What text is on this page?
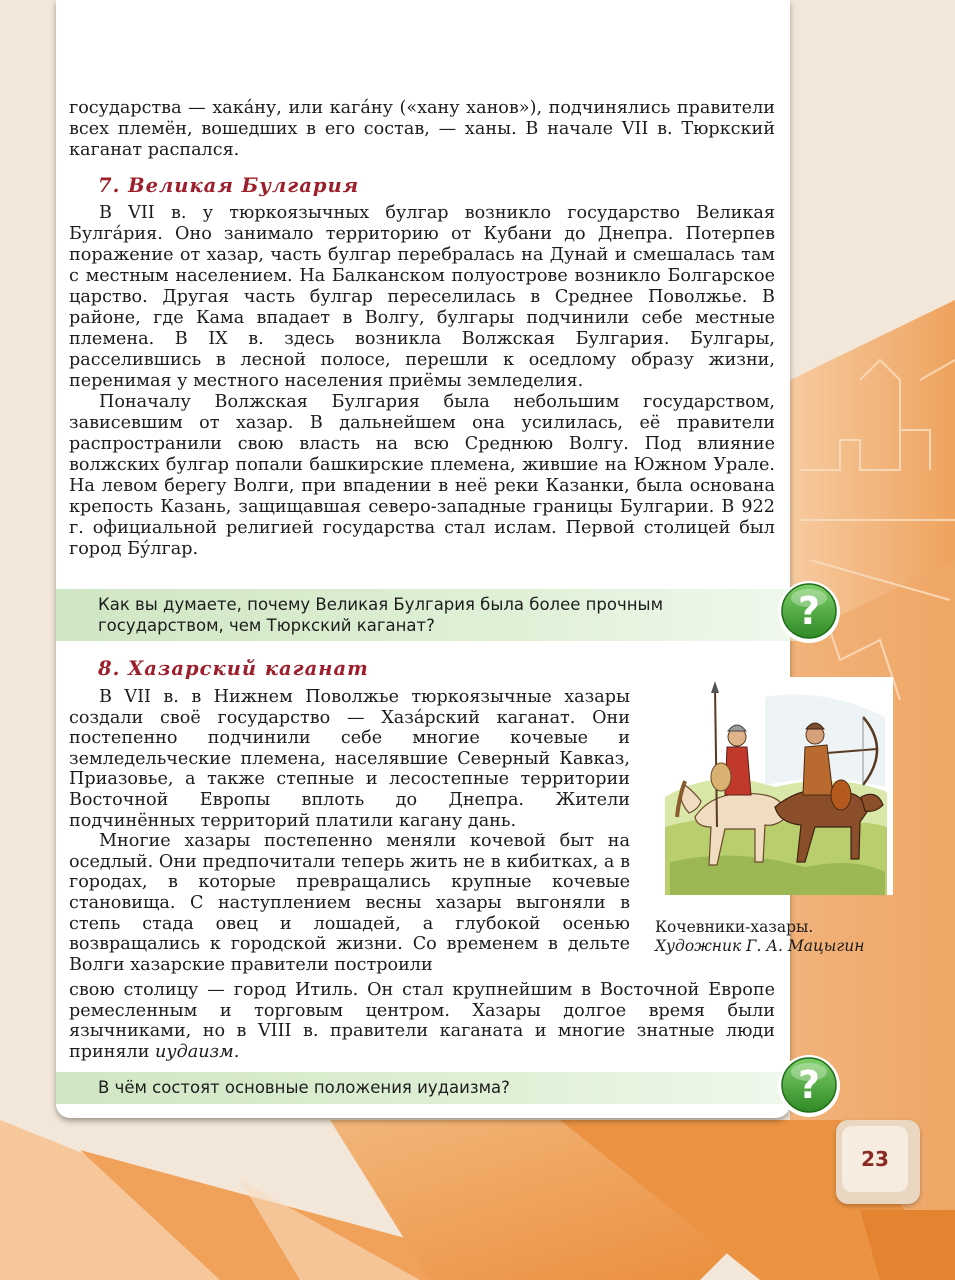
государства — хака́ну, или кага́ну («хану ханов»), подчинялись правители всех племён, вошедших в его состав, — ханы. В начале VII в. Тюркский каганат распался.

7. Великая Булгария

В VII в. у тюркоязычных булгар возникло государство Великая Булга́рия. Оно занимало территорию от Кубани до Днепра. Потерпев поражение от хазар, часть булгар перебралась на Дунай и смешалась там с местным населением. На Балканском полуострове возникло Болгарское царство. Другая часть булгар переселилась в Среднее Поволжье. В районе, где Кама впадает в Волгу, булгары подчинили себе местные племена. В IX в. здесь возникла Волжская Булгария. Булгары, расселившись в лесной полосе, перешли к оседлому образу жизни, перенимая у местного населения приёмы земледелия.

Поначалу Волжская Булгария была небольшим государством, зависевшим от хазар. В дальнейшем она усилилась, её правители распространили свою власть на всю Среднюю Волгу. Под влияние волжских булгар попали башкирские племена, жившие на Южном Урале. На левом берегу Волги, при впадении в неё реки Казанки, была основана крепость Казань, защищавшая северо-западные границы Булгарии. В 922 г. официальной религией государства стал ислам. Первой столицей был город Бу́лгар.

Как вы думаете, почему Великая Булгария была более прочным государством, чем Тюркский каганат?	?
8. Хазарский каганат

В VII в. в Нижнем Поволжье тюркоязычные хазары создали своё государство — Хаза́рский каганат. Они постепенно подчинили себе многие кочевые и земледельческие племена, населявшие Северный Кавказ, Приазовье, а также степные и лесостепные территории Восточной Европы вплоть до Днепра. Жители подчинённых территорий платили кагану дань.

Многие хазары постепенно меняли кочевой быт на оседлый. Они предпочитали теперь жить не в кибитках, а в городах, в которые превращались крупные кочевые становища. С наступлением весны хазары выгоняли в степь стада овец и лошадей, а глубокой осенью возвращались к городской жизни. Со временем в дельте Волги хазарские правители построили

свою столицу — город Итиль. Он стал крупнейшим в Восточной Европе ремесленным и торговым центром. Хазары долгое время были язычниками, но в VIII в. правители каганата и многие знатные люди приняли иудаизм.
Кочевники-хазары.
Художник Г. А. Мацыгин
В чём состоят основные положения иудаизма?	?
23
